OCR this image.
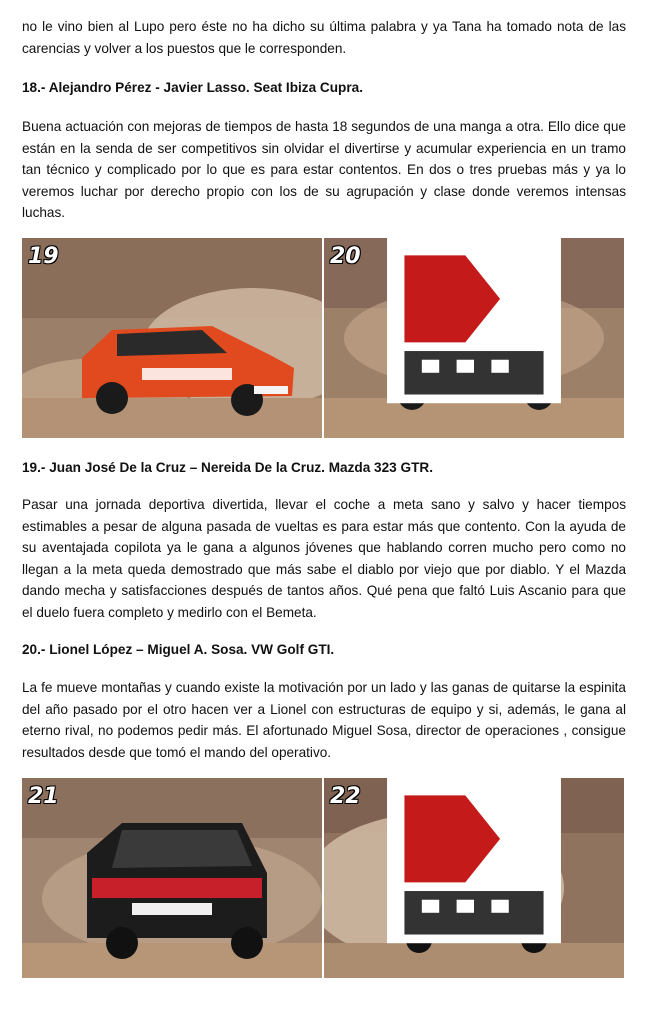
no le vino bien al Lupo pero éste no ha dicho su última palabra y ya Tana ha tomado nota de las carencias y volver a los puestos que le corresponden.

18.- Alejandro Pérez - Javier Lasso. Seat Ibiza Cupra.

Buena actuación con mejoras de tiempos de hasta 18 segundos de una manga a otra. Ello dice que están en la senda de ser competitivos sin olvidar el divertirse y acumular experiencia en un tramo tan técnico y complicado por lo que es para estar contentos. En dos o tres pruebas más y ya lo veremos luchar por derecho propio con los de su agrupación y clase donde veremos intensas luchas.

19	20
19.- Juan José De la Cruz – Nereida De la Cruz. Mazda 323 GTR.

Pasar una jornada deportiva divertida, llevar el coche a meta sano y salvo y hacer tiempos estimables a pesar de alguna pasada de vueltas es para estar más que contento. Con la ayuda de su aventajada copilota ya le gana a algunos jóvenes que hablando corren mucho pero como no llegan a la meta queda demostrado que más sabe el diablo por viejo que por diablo. Y el Mazda dando mecha y satisfacciones después de tantos años. Qué pena que faltó Luis Ascanio para que el duelo fuera completo y medirlo con el Bemeta.

20.- Lionel López – Miguel A. Sosa. VW Golf GTI.

La fe mueve montañas y cuando existe la motivación por un lado y las ganas de quitarse la espinita del año pasado por el otro hacen ver a Lionel con estructuras de equipo y si, además, le gana al eterno rival, no podemos pedir más. El afortunado Miguel Sosa, director de operaciones , consigue resultados desde que tomó el mando del operativo.

21	22
